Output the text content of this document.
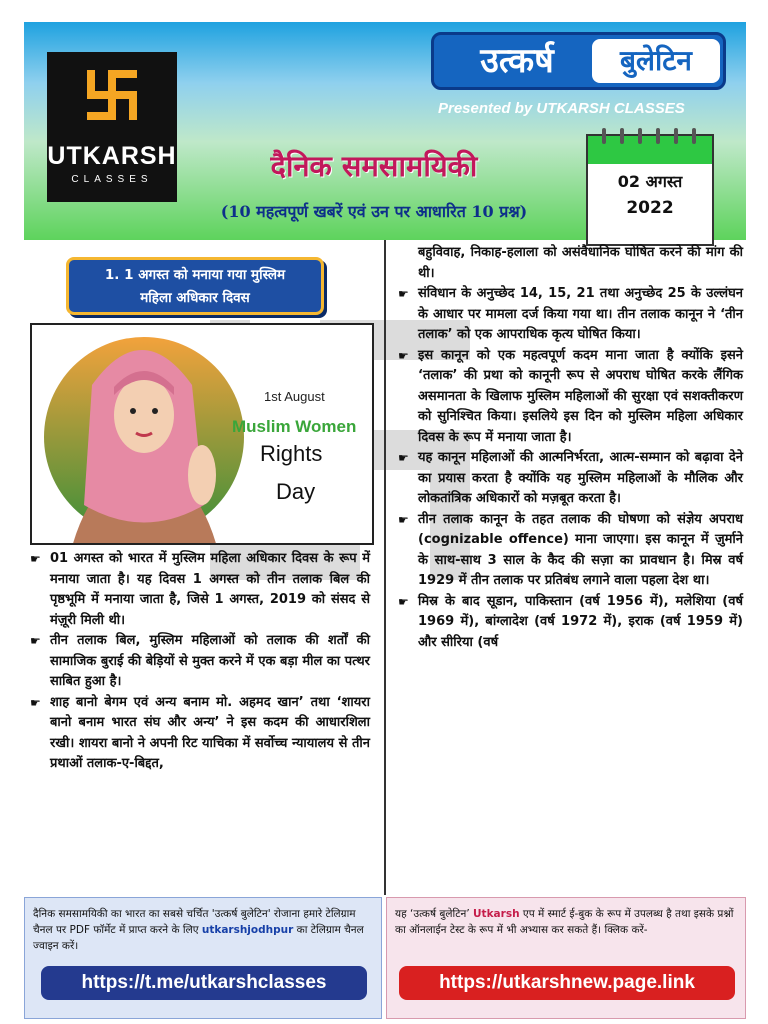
UTKARSH
CLASSES
उत्कर्ष	बुलेटिन
Presented by UTKARSH CLASSES
दैनिक समसामयिकी
(10 महत्वपूर्ण खबरें एवं उन पर आधारित 10 प्रश्न)
02 अगस्त
2022
1. 1 अगस्त को मनाया गया मुस्लिम
महिला अधिकार दिवस
1st August
Muslim Women
Rights
Day

☛ 01 अगस्त को भारत में मुस्लिम महिला अधिकार दिवस के रूप में मनाया जाता है। यह दिवस 1 अगस्त को तीन तलाक बिल की पृष्ठभूमि में मनाया जाता है, जिसे 1 अगस्त, 2019 को संसद से मंज़ूरी मिली थी।

☛ तीन तलाक बिल, मुस्लिम महिलाओं को तलाक की शर्तों की सामाजिक बुराई की बेड़ियों से मुक्त करने में एक बड़ा मील का पत्थर साबित हुआ है।

☛ शाह बानो बेगम एवं अन्य बनाम मो. अहमद खान’ तथा ‘शायरा बानो बनाम भारत संघ और अन्य’ ने इस कदम की आधारशिला रखी। शायरा बानो ने अपनी रिट याचिका में सर्वोच्च न्यायालय से तीन प्रथाओं तलाक-ए-बिद्दत,

बहुविवाह, निकाह-हलाला को असंवैधानिक घोषित करने की मांग की थी।

☛ संविधान के अनुच्छेद 14, 15, 21 तथा अनुच्छेद 25 के उल्लंघन के आधार पर मामला दर्ज किया गया था। तीन तलाक कानून ने ‘तीन तलाक’ को एक आपराधिक कृत्य घोषित किया।

☛ इस कानून को एक महत्वपूर्ण कदम माना जाता है क्योंकि इसने ‘तलाक’ की प्रथा को कानूनी रूप से अपराध घोषित करके लैंगिक असमानता के खिलाफ मुस्लिम महिलाओं की सुरक्षा एवं सशक्तीकरण को सुनिश्चित किया। इसलिये इस दिन को मुस्लिम महिला अधिकार दिवस के रूप में मनाया जाता है।

☛ यह कानून महिलाओं की आत्मनिर्भरता, आत्म-सम्मान को बढ़ावा देने का प्रयास करता है क्योंकि यह मुस्लिम महिलाओं के मौलिक और लोकतांत्रिक अधिकारों को मज़बूत करता है।

☛ तीन तलाक कानून के तहत तलाक की घोषणा को संज्ञेय अपराध (cognizable offence) माना जाएगा। इस कानून में ज़ुर्माने के साथ-साथ 3 साल के कैद की सज़ा का प्रावधान है। मिस्र वर्ष 1929 में तीन तलाक पर प्रतिबंध लगाने वाला पहला देश था।

☛ मिस्र के बाद सूडान, पाकिस्तान (वर्ष 1956 में), मलेशिया (वर्ष 1969 में), बांग्लादेश (वर्ष 1972 में), इराक (वर्ष 1959 में) और सीरिया (वर्ष

दैनिक समसामयिकी का भारत का सबसे चर्चित 'उत्कर्ष बुलेटिन' रोजाना हमारे टेलिग्राम चैनल पर PDF फॉर्मेट में प्राप्त करने के लिए utkarshjodhpur का टेलिग्राम चैनल ज्वाइन करें।
https://t.me/utkarshclasses
यह ‘उत्कर्ष बुलेटिन’ Utkarsh एप में स्मार्ट ई-बुक के रूप में उपलब्ध है तथा इसके प्रश्नों का ऑनलाईन टेस्ट के रूप में भी अभ्यास कर सकते हैं। क्लिक करें-
https://utkarshnew.page.link
